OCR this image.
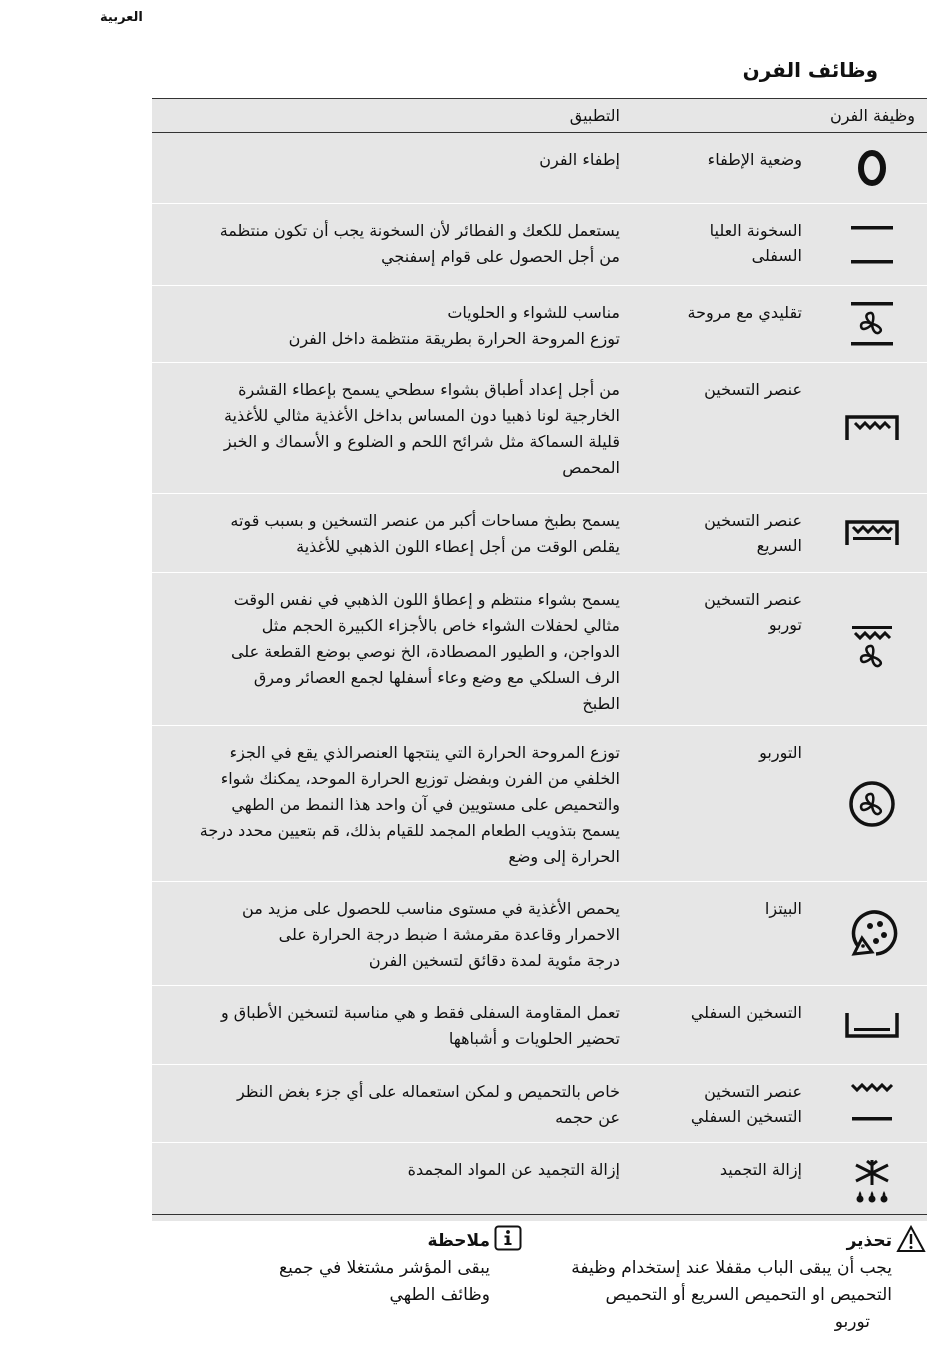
العربية
وظائف الفرن
وظيفة الفرن
التطبيق
وضعية الإطفاء
إطفاء الفرن
السخونة العليا
السفلى
يستعمل للكعك و الفطائر لأن السخونة يجب أن تكون منتظمة
من أجل الحصول على قوام إسفنجي
تقليدي مع مروحة
مناسب للشواء و الحلويات
توزع المروحة الحرارة بطريقة منتظمة داخل الفرن
عنصر التسخين
من أجل إعداد أطباق بشواء سطحي يسمح بإعطاء القشرة
الخارجية لونا ذهبيا دون المساس بداخل الأغذية مثالي للأغذية
قليلة السماكة مثل شرائح اللحم و الضلوع و الأسماك و الخبز
المحمص
عنصر التسخين
السريع
يسمح بطبخ مساحات أكبر من عنصر التسخين و بسبب قوته
يقلص الوقت من أجل إعطاء اللون الذهبي للأغذية
عنصر التسخين
توربو
يسمح بشواء منتظم و إعطاؤ اللون الذهبي في نفس الوقت
مثالي لحفلات الشواء خاص بالأجزاء الكبيرة الحجم مثل
الدواجن، و الطيور المصطادة، الخ نوصي بوضع القطعة على
الرف السلكي مع وضع وعاء أسفلها لجمع العصائر ومرق
الطبخ
التوربو
توزع المروحة الحرارة التي ينتجها العنصرالذي يقع في الجزء
الخلفي من الفرن وبفضل توزيع الحرارة الموحد، يمكنك شواء
والتحميص على مستويين في آن واحد هذا النمط من الطهي
يسمح بتذويب الطعام المجمد للقيام بذلك، قم بتعيين محدد درجة
الحرارة إلى وضع
البيتزا
يحمص الأغذية في مستوى مناسب للحصول على مزيد من
الاحمرار وقاعدة مقرمشة ا ضبط درجة الحرارة على
درجة مئوية لمدة دقائق لتسخين الفرن
التسخين السفلي
تعمل المقاومة السفلى فقط و هي مناسبة لتسخين الأطباق و
تحضير الحلويات و أشباهها
عنصر التسخين
التسخين السفلي
خاص بالتحميص و لمكن استعماله على أي جزء بغض النظر
عن حجمه
إزالة التجميد
إزالة التجميد عن المواد المجمدة
تحذير
يجب أن يبقى الباب مقفلا عند إستخدام وظيفة
التحميص او التحميص السريع أو التحميص
توربو
ملاحظة
يبقى المؤشر مشتغلا في جميع
وظائف الطهي
